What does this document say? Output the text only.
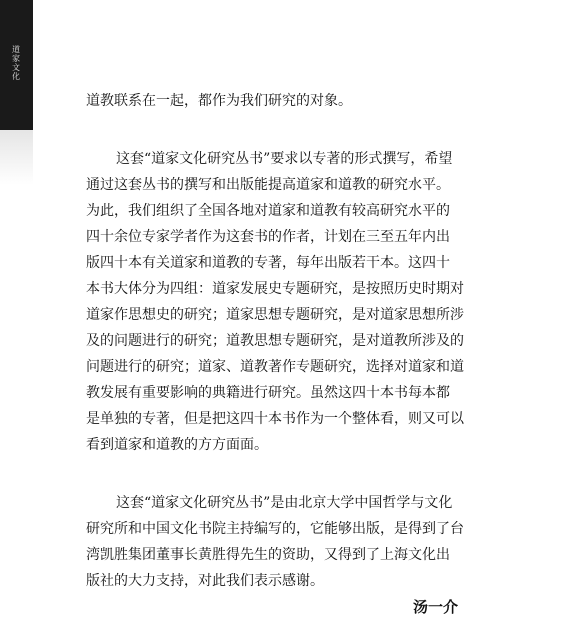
道家文化
道教联系在一起，都作为我们研究的对象。
这套“道家文化研究丛书”要求以专著的形式撰写，希望
通过这套丛书的撰写和出版能提高道家和道教的研究水平。
为此，我们组织了全国各地对道家和道教有较高研究水平的
四十余位专家学者作为这套书的作者，计划在三至五年内出
版四十本有关道家和道教的专著，每年出版若干本。这四十
本书大体分为四组：道家发展史专题研究，是按照历史时期对
道家作思想史的研究；道家思想专题研究，是对道家思想所涉
及的问题进行的研究；道教思想专题研究，是对道教所涉及的
问题进行的研究；道家、道教著作专题研究，选择对道家和道
教发展有重要影响的典籍进行研究。虽然这四十本书每本都
是单独的专著，但是把这四十本书作为一个整体看，则又可以
看到道家和道教的方方面面。
这套“道家文化研究丛书”是由北京大学中国哲学与文化
研究所和中国文化书院主持编写的，它能够出版，是得到了台
湾凯胜集团董事长黄胜得先生的资助，又得到了上海文化出
版社的大力支持，对此我们表示感谢。
汤一介
